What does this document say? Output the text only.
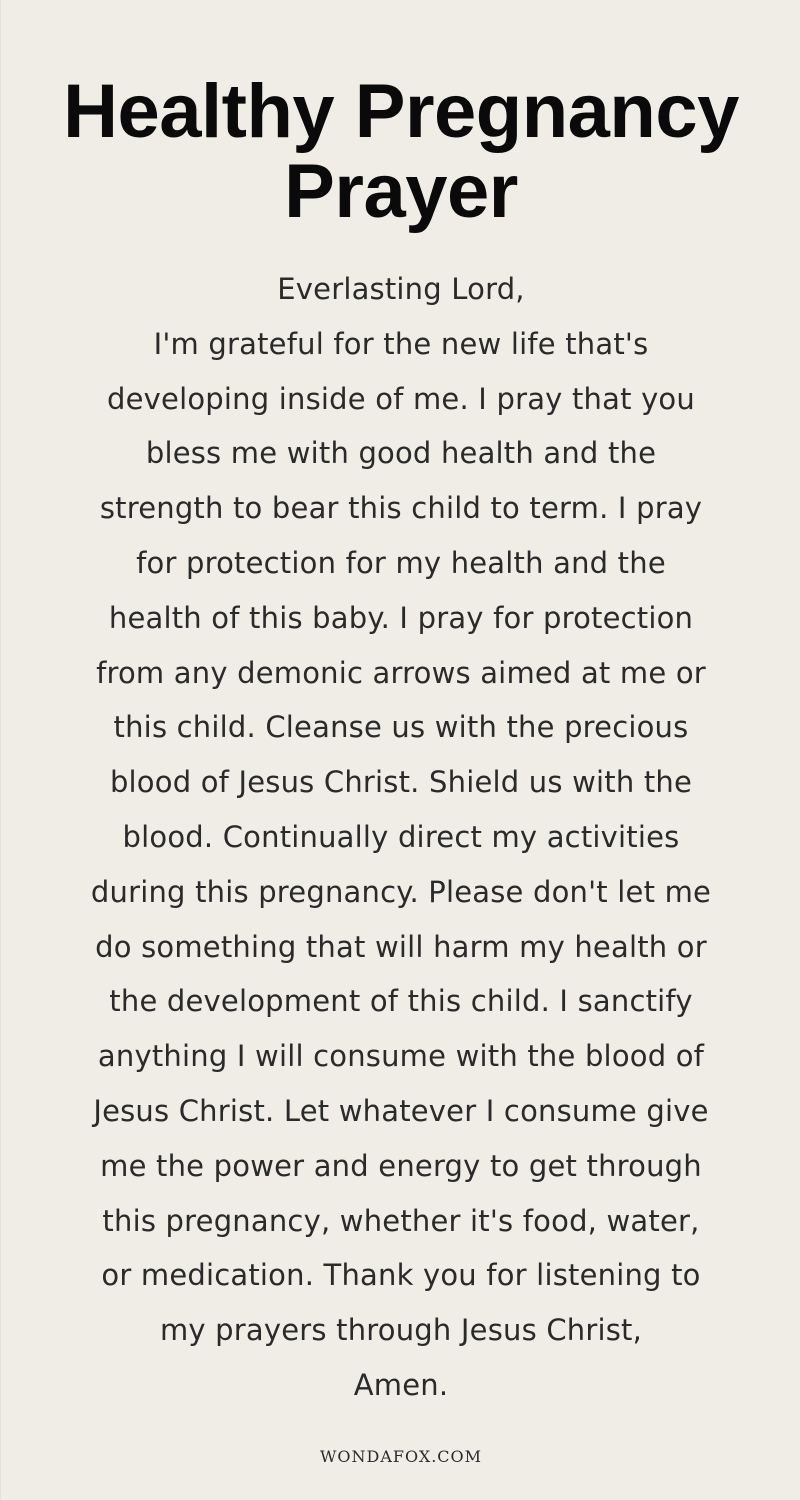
Healthy Pregnancy
Prayer
Everlasting Lord,
I'm grateful for the new life that's
developing inside of me. I pray that you
bless me with good health and the
strength to bear this child to term. I pray
for protection for my health and the
health of this baby. I pray for protection
from any demonic arrows aimed at me or
this child. Cleanse us with the precious
blood of Jesus Christ. Shield us with the
blood. Continually direct my activities
during this pregnancy. Please don't let me
do something that will harm my health or
the development of this child. I sanctify
anything I will consume with the blood of
Jesus Christ. Let whatever I consume give
me the power and energy to get through
this pregnancy, whether it's food, water,
or medication. Thank you for listening to
my prayers through Jesus Christ,
Amen.
WONDAFOX.COM
